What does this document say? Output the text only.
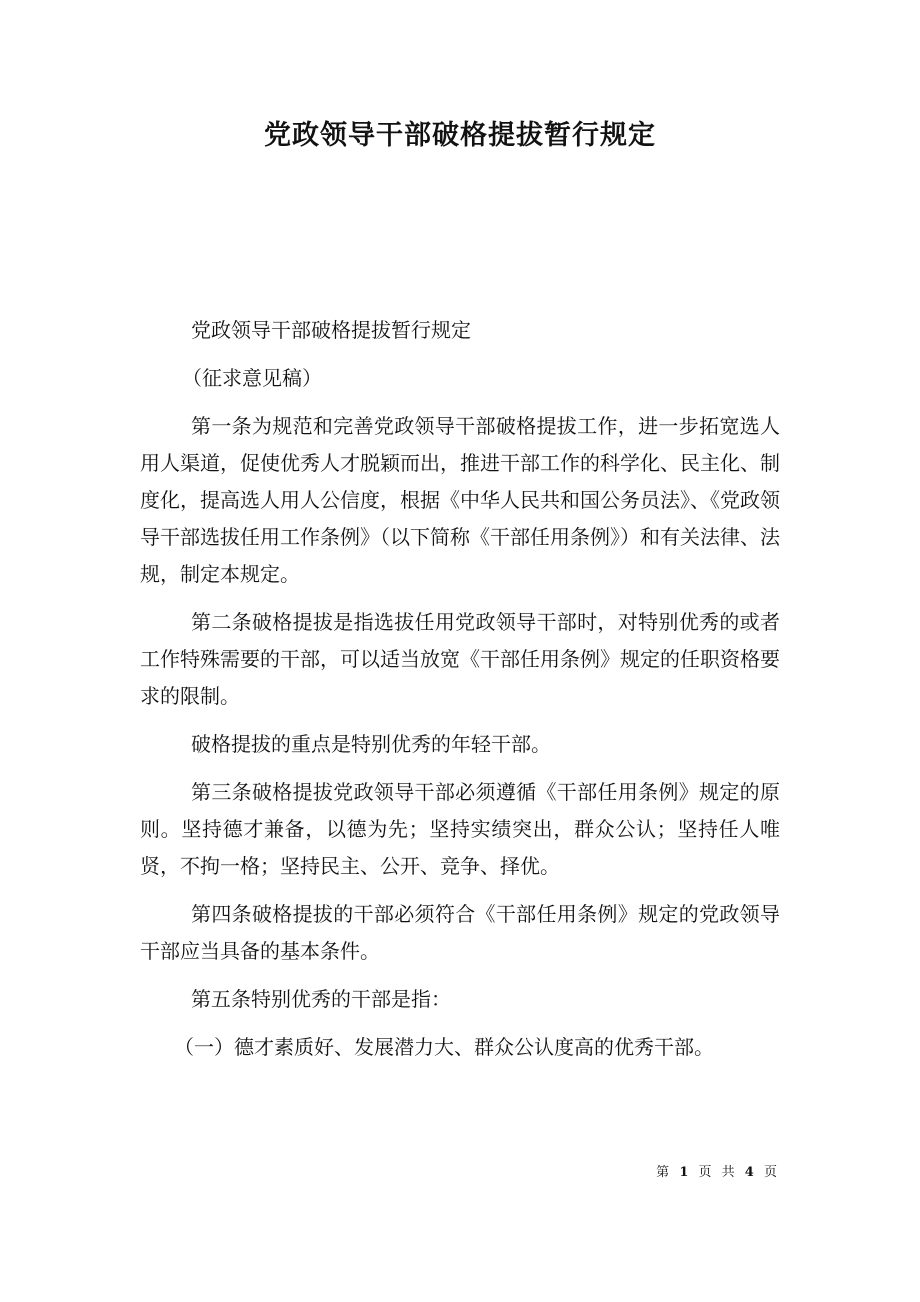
党政领导干部破格提拔暂行规定

党政领导干部破格提拔暂行规定

（征求意见稿）

第一条为规范和完善党政领导干部破格提拔工作，进一步拓宽选人用人渠道，促使优秀人才脱颖而出，推进干部工作的科学化、民主化、制度化，提高选人用人公信度，根据《中华人民共和国公务员法》、《党政领导干部选拔任用工作条例》（以下简称《干部任用条例》）和有关法律、法规，制定本规定。

第二条破格提拔是指选拔任用党政领导干部时，对特别优秀的或者工作特殊需要的干部，可以适当放宽《干部任用条例》规定的任职资格要求的限制。

破格提拔的重点是特别优秀的年轻干部。

第三条破格提拔党政领导干部必须遵循《干部任用条例》规定的原则。坚持德才兼备，以德为先；坚持实绩突出，群众公认；坚持任人唯贤，不拘一格；坚持民主、公开、竞争、择优。

第四条破格提拔的干部必须符合《干部任用条例》规定的党政领导干部应当具备的基本条件。

第五条特别优秀的干部是指：

（一）德才素质好、发展潜力大、群众公认度高的优秀干部。

第 1 页 共 4 页
